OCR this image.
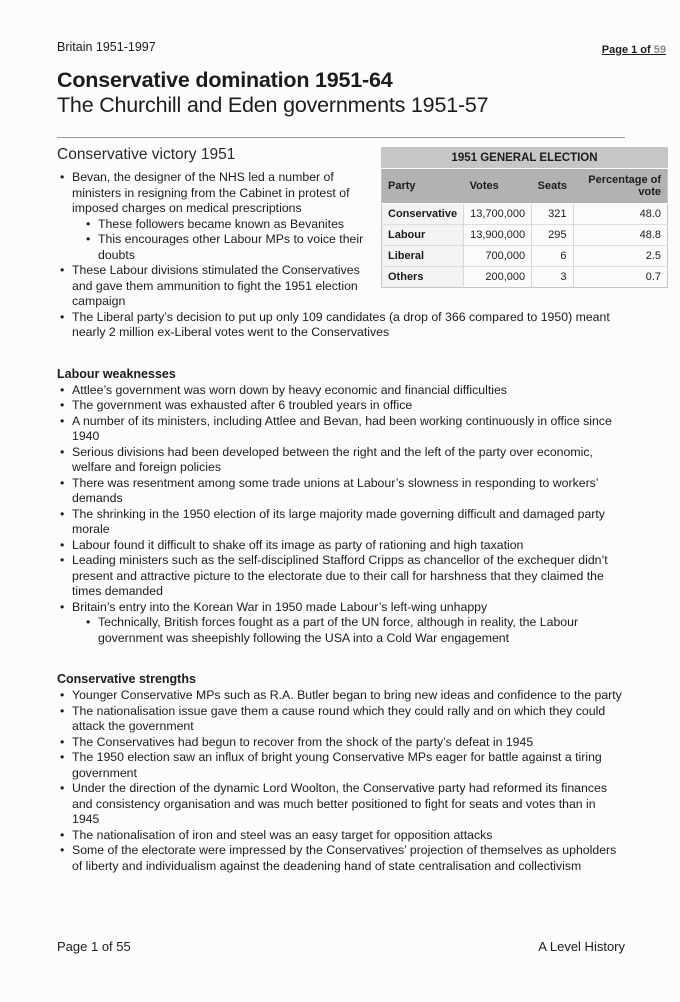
Page 1 of 59
Britain 1951-1997
Conservative domination 1951-64
The Churchill and Eden governments 1951-57
1951 GENERAL ELECTION			
Party	Votes	Seats	Percentage of vote
Conservative	13,700,000	321	48.0
Labour	13,900,000	295	48.8
Liberal	700,000	6	2.5
Others	200,000	3	0.7
Conservative victory 1951
• Bevan, the designer of the NHS led a number of ministers in resigning from the Cabinet in protest of imposed charges on medical prescriptions
• These followers became known as Bevanites
• This encourages other Labour MPs to voice their doubts
• These Labour divisions stimulated the Conservatives and gave them ammunition to fight the 1951 election campaign
• The Liberal party’s decision to put up only 109 candidates (a drop of 366 compared to 1950) meant nearly 2 million ex-Liberal votes went to the Conservatives
Labour weaknesses
• Attlee’s government was worn down by heavy economic and financial difficulties
• The government was exhausted after 6 troubled years in office
• A number of its ministers, including Attlee and Bevan, had been working continuously in office since 1940
• Serious divisions had been developed between the right and the left of the party over economic, welfare and foreign policies
• There was resentment among some trade unions at Labour’s slowness in responding to workers’ demands
• The shrinking in the 1950 election of its large majority made governing difficult and damaged party morale
• Labour found it difficult to shake off its image as party of rationing and high taxation
• Leading ministers such as the self-disciplined Stafford Cripps as chancellor of the exchequer didn’t present and attractive picture to the electorate due to their call for harshness that they claimed the times demanded
• Britain’s entry into the Korean War in 1950 made Labour’s left-wing unhappy
• Technically, British forces fought as a part of the UN force, although in reality, the Labour government was sheepishly following the USA into a Cold War engagement
Conservative strengths
• Younger Conservative MPs such as R.A. Butler began to bring new ideas and confidence to the party
• The nationalisation issue gave them a cause round which they could rally and on which they could attack the government
• The Conservatives had begun to recover from the shock of the party’s defeat in 1945
• The 1950 election saw an influx of bright young Conservative MPs eager for battle against a tiring government
• Under the direction of the dynamic Lord Woolton, the Conservative party had reformed its finances and consistency organisation and was much better positioned to fight for seats and votes than in 1945
• The nationalisation of iron and steel was an easy target for opposition attacks
• Some of the electorate were impressed by the Conservatives’ projection of themselves as upholders of liberty and individualism against the deadening hand of state centralisation and collectivism
Page 1 of 55	A Level History
